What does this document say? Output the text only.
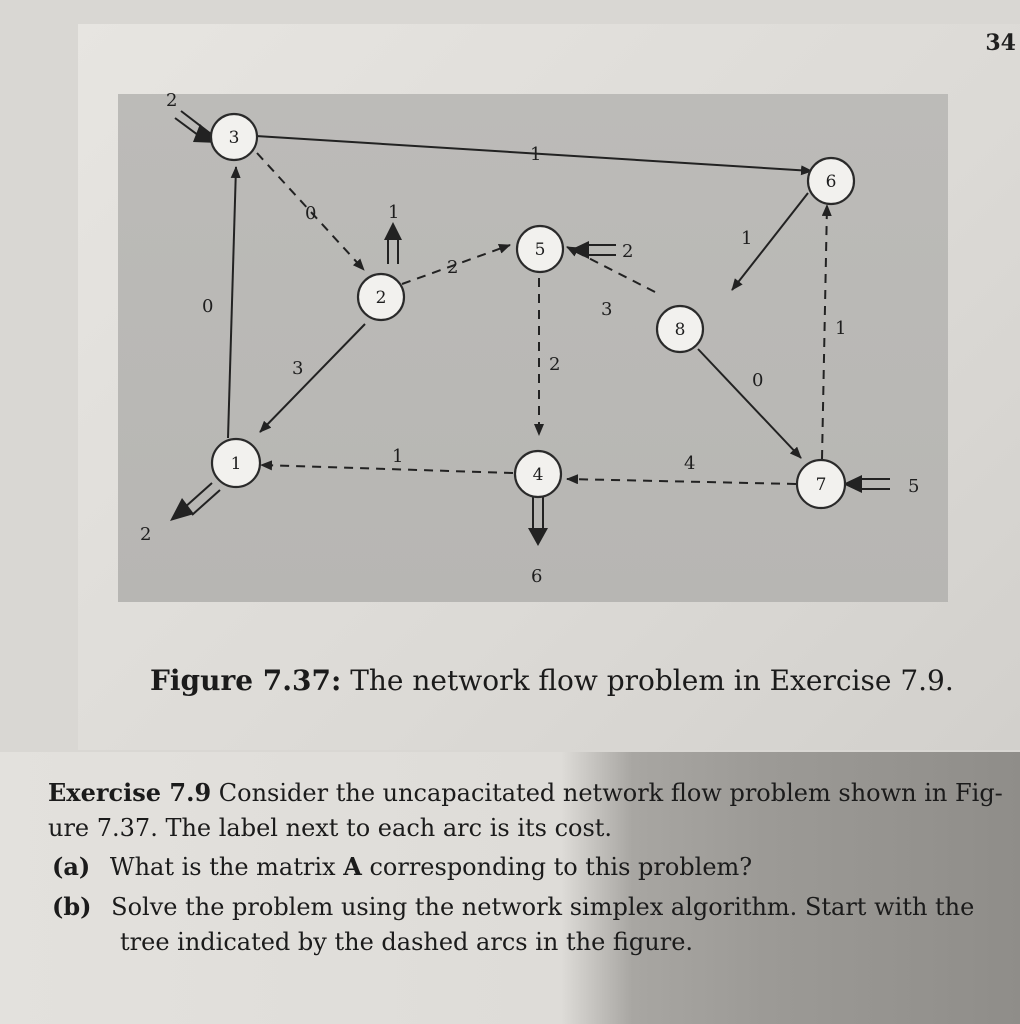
34
1
0
2
3
1
3
0
2
1	4
0
1
2
1
2
2
6
5
3
2
5
6
8
1
4	7
Figure 7.37: The network flow problem in Exercise 7.9.
Exercise 7.9 Consider the uncapacitated network flow problem shown in Fig-
ure 7.37. The label next to each arc is its cost.
(a) What is the matrix A corresponding to this problem?
(b) Solve the problem using the network simplex algorithm. Start with the
tree indicated by the dashed arcs in the figure.
